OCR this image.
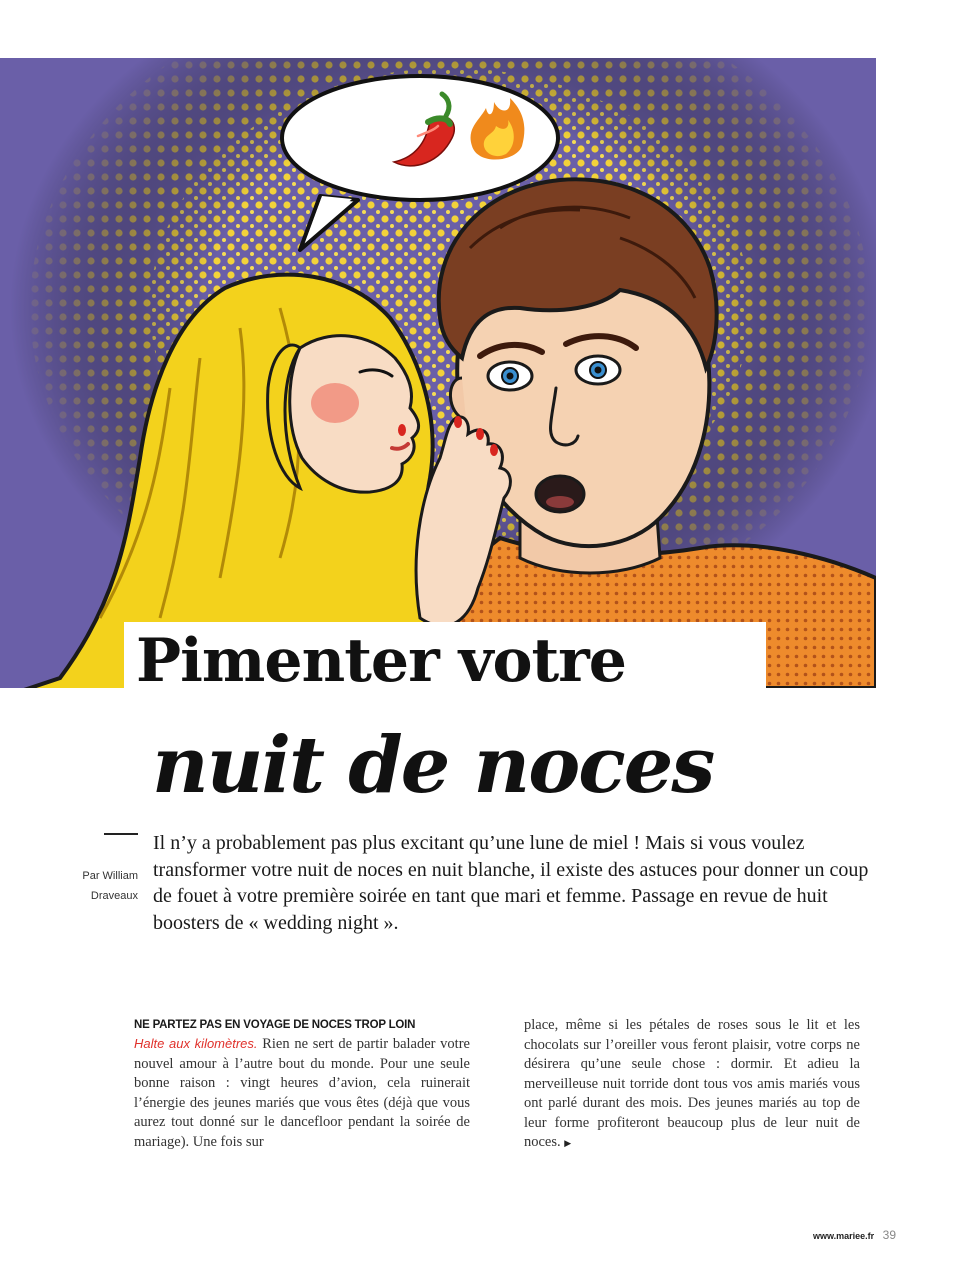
Pimenter votre
nuit de noces
Par William
Draveaux
Il n’y a probablement pas plus excitant qu’une lune de miel ! Mais si vous voulez transformer votre nuit de noces en nuit blanche, il existe des astuces pour donner un coup de fouet à votre première soirée en tant que mari et femme. Passage en revue de huit boosters de « wedding night ».
NE PARTEZ PAS EN VOYAGE DE NOCES TROP LOIN
Halte aux kilomètres. Rien ne sert de partir balader votre nouvel amour à l’autre bout du monde. Pour une seule bonne raison : vingt heures d’avion, cela ruinerait l’énergie des jeunes mariés que vous êtes (déjà que vous aurez tout donné sur le dancefloor pendant la soirée de mariage). Une fois sur
place, même si les pétales de roses sous le lit et les chocolats sur l’oreiller vous feront plaisir, votre corps ne désirera qu’une seule chose : dormir. Et adieu la merveilleuse nuit torride dont tous vos amis mariés vous ont parlé durant des mois. Des jeunes mariés au top de leur forme profiteront beaucoup plus de leur nuit de noces. ▶
www.mariee.fr 39
